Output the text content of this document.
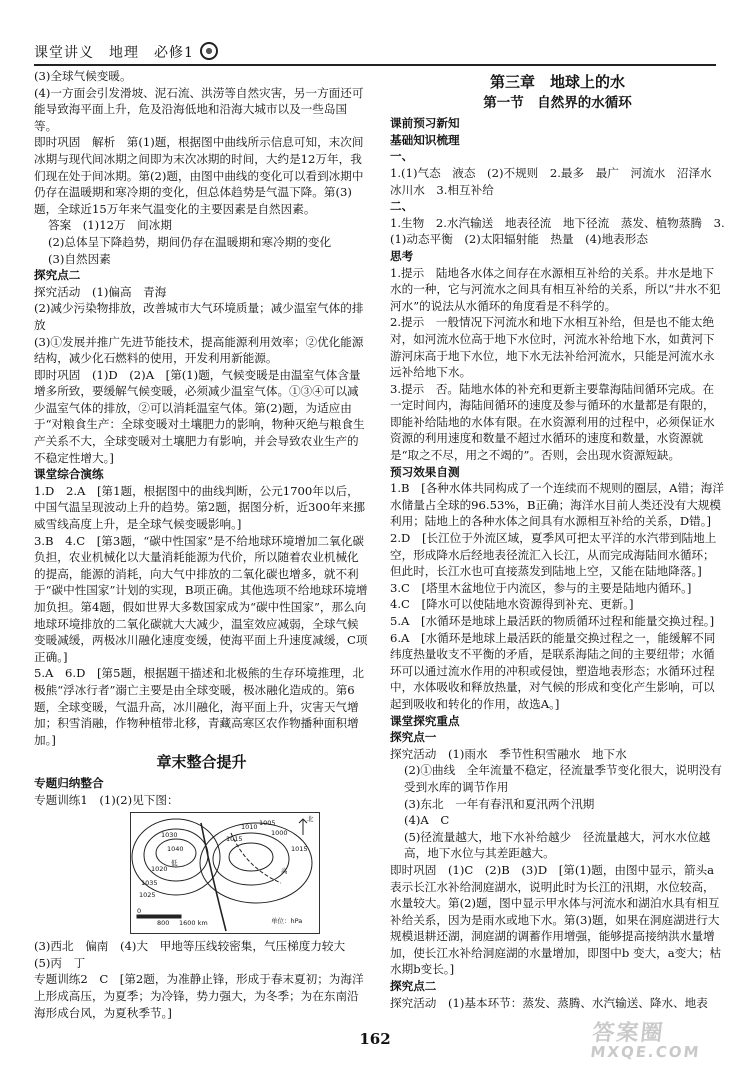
课堂讲义　地理　必修1

(3)全球气候变暖。

(4)一方面会引发滑坡、泥石流、洪涝等自然灾害，另一方面还可能导致海平面上升，危及沿海低地和沿海大城市以及一些岛国等。

即时巩固　解析　第(1)题，根据图中曲线所示信息可知，末次间冰期与现代间冰期之间即为末次冰期的时间，大约是12万年，我们现在处于间冰期。第(2)题，由图中曲线的变化可以看到冰期中仍存在温暖期和寒冷期的变化，但总体趋势是气温下降。第(3)题，全球近15万年来气温变化的主要因素是自然因素。

答案　(1)12万　间冰期

(2)总体呈下降趋势，期间仍存在温暖期和寒冷期的变化

(3)自然因素

探究点二

探究活动　(1)偏高　青海

(2)减少污染物排放，改善城市大气环境质量；减少温室气体的排放

(3)①发展并推广先进节能技术，提高能源利用效率；②优化能源结构，减少化石燃料的使用，开发利用新能源。

即时巩固　(1)D　(2)A　[第(1)题，气候变暖是由温室气体含量增多所致，要缓解气候变暖，必须减少温室气体。①③④可以减少温室气体的排放，②可以消耗温室气体。第(2)题，为适应由于“对粮食生产：全球变暖对土壤肥力的影响，物种灭绝与粮食生产关系不大，全球变暖对土壤肥力有影响，并会导致农业生产的不稳定性增大。]

课堂综合演练

1.D　2.A　[第1题，根据图中的曲线判断，公元1700年以后，中国气温呈现波动上升的趋势。第2题，据图分析，近300年来挪威雪线高度上升，是全球气候变暖影响。]

3.B　4.C　[第3题，“碳中性国家”是不给地球环境增加二氧化碳负担，农业机械化以大量消耗能源为代价，所以随着农业机械化的提高，能源的消耗，向大气中排放的二氧化碳也增多，就不利于“碳中性国家”计划的实现，B项正确。其他选项不给地球环境增加负担。第4题，假如世界大多数国家成为“碳中性国家”，那么向地球环境排放的二氧化碳就大大减少，温室效应减弱，全球气候变暖减缓，两极冰川融化速度变缓，使海平面上升速度减缓，C项正确。]

5.A　6.D　[第5题，根据题干描述和北极熊的生存环境推理，北极熊“浮冰行者”溺亡主要是由全球变暖，极冰融化造成的。第6题，全球变暖，气温升高，冰川融化，海平面上升，灾害天气增加；积雪消融，作物种植带北移，青藏高寒区农作物播种面积增加。]

章末整合提升

专题归纳整合

专题训练1　(1)(2)见下图：

1040
1030
1020
1035
1025
1015
1010 1005
1000
1015
高
低
北
0
800 1600 km	单位：hPa

(3)西北　偏南　(4)大　甲地等压线较密集，气压梯度力较大　(5)丙　丁

专题训练2　C　[第2题，为准静止锋，形成于春末夏初；为海洋上形成高压，为夏季；为冷锋，势力强大，为冬季；为在东南沿海形成台风，为夏秋季节。]

第三章　地球上的水
第一节　自然界的水循环

课前预习新知

基础知识梳理

一、

1.(1)气态　液态　(2)不规则　2.最多　最广　河流水　沼泽水　冰川水　3.相互补给

二、

1.生物　2.水汽输送　地表径流　地下径流　蒸发、植物蒸腾　3.(1)动态平衡　(2)太阳辐射能　热量　(4)地表形态

思考

1.提示　陆地各水体之间存在水源相互补给的关系。井水是地下水的一种，它与河流水之间具有相互补给的关系，所以“井水不犯河水”的说法从水循环的角度看是不科学的。

2.提示　一般情况下河流水和地下水相互补给，但是也不能太绝对，如河流水位高于地下水位时，河流水补给地下水，如黄河下游河床高于地下水位，地下水无法补给河流水，只能是河流水永远补给地下水。

3.提示　否。陆地水体的补充和更新主要靠海陆间循环完成。在一定时间内，海陆间循环的速度及参与循环的水量都是有限的，即能补给陆地的水体有限。在水资源利用的过程中，必须保证水资源的利用速度和数量不超过水循环的速度和数量，水资源就是“取之不尽，用之不竭的”。否则，会出现水资源短缺。

预习效果自测

1.B　[各种水体共同构成了一个连续而不规则的圈层，A错；海洋水储量占全球的96.53%，B正确；海洋水目前人类还没有大规模利用；陆地上的各种水体之间具有水源相互补给的关系，D错。]

2.D　[长江位于外流区域，夏季风可把太平洋的水汽带到陆地上空，形成降水后经地表径流汇入长江，从而完成海陆间水循环；但此时，长江水也可直接蒸发到陆地上空，又能在陆地降落。]

3.C　[塔里木盆地位于内流区，参与的主要是陆地内循环。]

4.C　[降水可以使陆地水资源得到补充、更新。]

5.A　[水循环是地球上最活跃的物质循环过程和能量交换过程。]

6.A　[水循环是地球上最活跃的能量交换过程之一，能缓解不同纬度热量收支不平衡的矛盾，是联系海陆之间的主要纽带；水循环可以通过流水作用的冲积或侵蚀，塑造地表形态；水循环过程中，水体吸收和释放热量，对气候的形成和变化产生影响，可以起到吸收和转化的作用，故选A。]

课堂探究重点

探究点一

探究活动　(1)雨水　季节性积雪融水　地下水

(2)①曲线　全年流量不稳定，径流量季节变化很大，说明没有受到水库的调节作用

(3)东北　一年有春汛和夏汛两个汛期

(4)A　C

(5)径流量越大，地下水补给越少　径流量越大，河水水位越高，地下水位与其差距越大。

即时巩固　(1)C　(2)B　(3)D　[第(1)题，由图中显示，箭头a表示长江水补给洞庭湖水，说明此时为长江的汛期，水位较高，水量较大。第(2)题，图中显示甲水体与河流水和湖泊水具有相互补给关系，因为是雨水或地下水。第(3)题，如果在洞庭湖进行大规模退耕还湖，洞庭湖的调蓄作用增强，能够提高接纳洪水量增加，使长江水补给洞庭湖的水量增加，即图中b 变大，a变大；枯水期b变长。]

探究点二

探究活动　(1)基本环节：蒸发、蒸腾、水汽输送、降水、地表

162	答案圈
MXQE.COM
